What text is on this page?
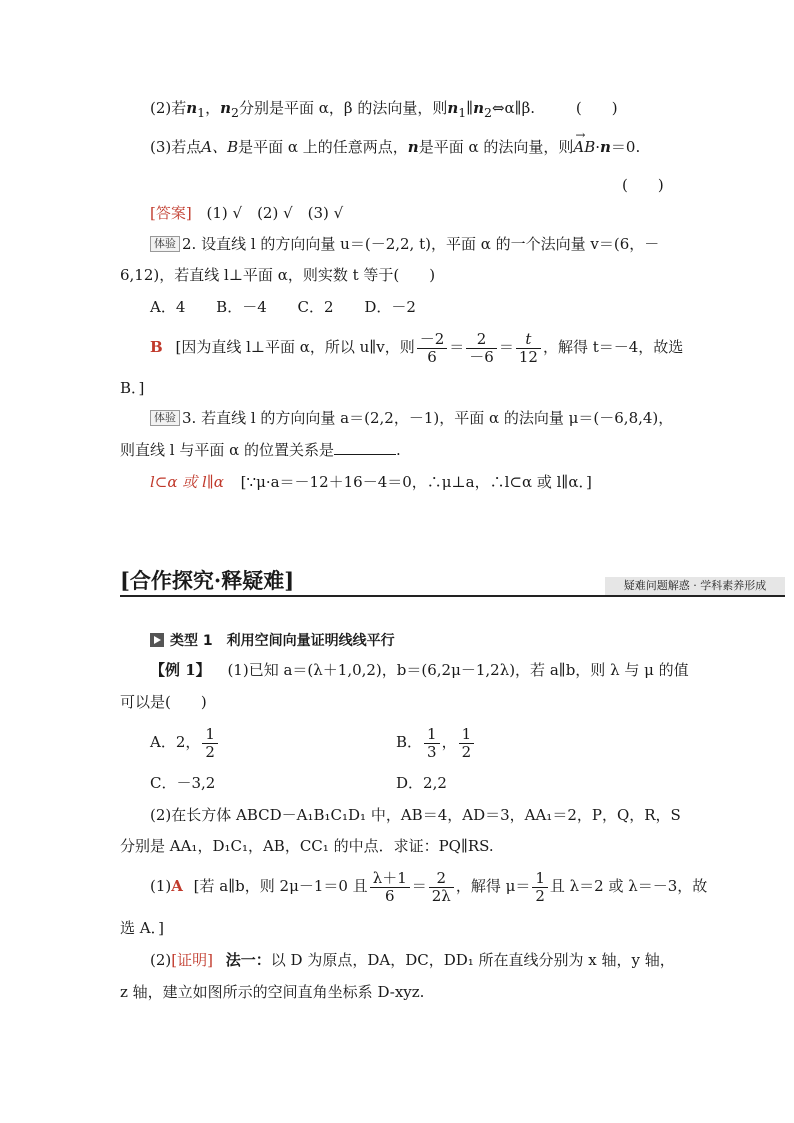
(2)若$n_1$，$n_2$分别是平面 α，β 的法向量，则$n_1\parallel n_2\Leftrightarrow\alpha\parallel\beta$.	(　　)
(3)若点A、B是平面 α 上的任意两点，n是平面 α 的法向量，则→ AB·n＝0.
(　　)
[答案] (1) √　(2) √　(3) √
体验 2. 设直线 l 的方向向量 u＝(－2,2, t)，平面 α 的一个法向量 v＝(6，－
6,12)，若直线 l⊥平面 α，则实数 t 等于(　　)
A．4 B．－4 C．2 D．－2
B [因为直线 l⊥平面 α，所以 u∥v，则 $\frac{-2}{6} = \frac{2}{-6} = \frac{t}{12}$ ，解得 t＝－4，故选
B．]
体验 3. 若直线 l 的方向向量 a＝(2,2，－1)，平面 α 的法向量 μ＝(－6,8,4)，
则直线 l 与平面 α 的位置关系是	.
l⊂α 或 l∥α [∵μ·a＝－12＋16－4＝0，∴μ⊥a，∴l⊂α 或 l∥α．]
[合作探究·释疑难]	疑难问题解惑 · 学科素养形成
类型 1　利用空间向量证明线线平行
【例 1】 (1)已知 a＝(λ＋1,0,2)，b＝(6,2μ－1,2λ)，若 a∥b，则 λ 与 μ 的值
可以是(　　)
A．2， $\frac{1}{2}$	B． $\frac{1}{3}$ ， $\frac{1}{2}$
C．－3,2	D．2,2
(2)在长方体 ABCD－A₁B₁C₁D₁ 中，AB＝4，AD＝3，AA₁＝2，P，Q，R，S
分别是 AA₁，D₁C₁，AB，CC₁ 的中点．求证：PQ∥RS.
(1)A [若 a∥b，则 2μ－1＝0 且 $\frac{\lambda+1}{6} = \frac{2}{2\lambda}$ ，解得 $\mu= \frac{1}{2}$ 且 λ＝2 或 λ＝－3，故
选 A．]
(2)[证明] 法一：以 D 为原点，DA，DC，DD₁ 所在直线分别为 x 轴，y 轴，
z 轴，建立如图所示的空间直角坐标系 D-xyz.
